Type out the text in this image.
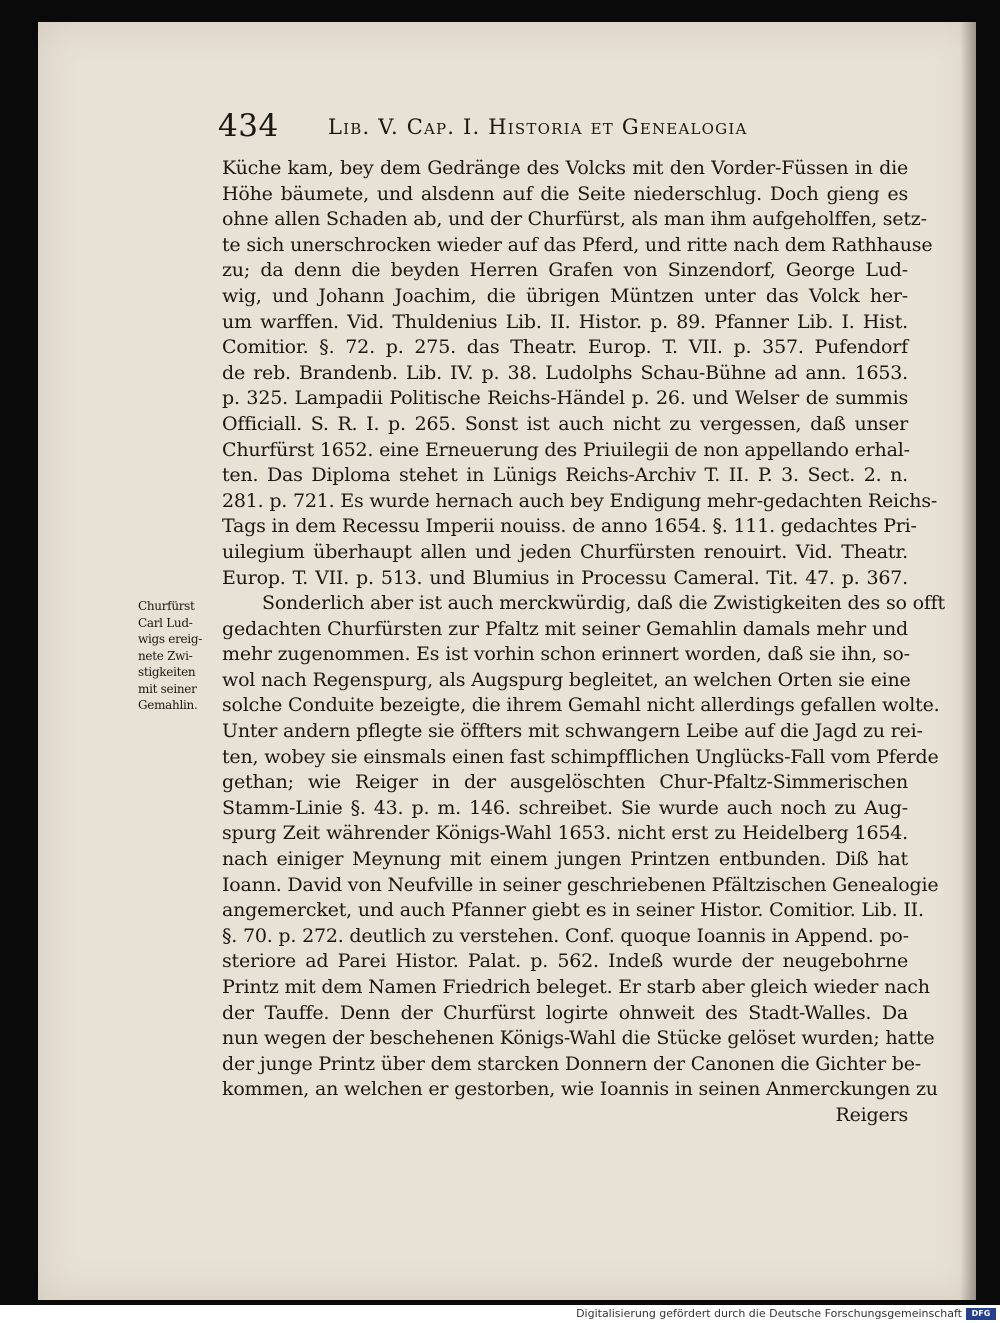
434 Lib. V. Cap. I. Historia et Genealogia
Churfürst
Carl Lud-
wigs ereig-
nete Zwi-
stigkeiten
mit seiner
Gemahlin.
Küche kam, bey dem Gedränge des Volcks mit den Vorder-Füssen in die
Höhe bäumete, und alsdenn auf die Seite niederschlug. Doch gieng es
ohne allen Schaden ab, und der Churfürst, als man ihm aufgeholffen, setz-
te sich unerschrocken wieder auf das Pferd, und ritte nach dem Rathhause
zu; da denn die beyden Herren Grafen von Sinzendorf, George Lud-
wig, und Johann Joachim, die übrigen Müntzen unter das Volck her-
um warffen. Vid. Thuldenius Lib. II. Histor. p. 89. Pfanner Lib. I. Hist.
Comitior. §. 72. p. 275. das Theatr. Europ. T. VII. p. 357. Pufendorf
de reb. Brandenb. Lib. IV. p. 38. Ludolphs Schau-Bühne ad ann. 1653.
p. 325. Lampadii Politische Reichs-Händel p. 26. und Welser de summis
Officiall. S. R. I. p. 265. Sonst ist auch nicht zu vergessen, daß unser
Churfürst 1652. eine Erneuerung des Priuilegii de non appellando erhal-
ten. Das Diploma stehet in Lünigs Reichs-Archiv T. II. P. 3. Sect. 2. n.
281. p. 721. Es wurde hernach auch bey Endigung mehr-gedachten Reichs-
Tags in dem Recessu Imperii nouiss. de anno 1654. §. 111. gedachtes Pri-
uilegium überhaupt allen und jeden Churfürsten renouirt. Vid. Theatr.
Europ. T. VII. p. 513. und Blumius in Processu Cameral. Tit. 47. p. 367.
Sonderlich aber ist auch merckwürdig, daß die Zwistigkeiten des so offt
gedachten Churfürsten zur Pfaltz mit seiner Gemahlin damals mehr und
mehr zugenommen. Es ist vorhin schon erinnert worden, daß sie ihn, so-
wol nach Regenspurg, als Augspurg begleitet, an welchen Orten sie eine
solche Conduite bezeigte, die ihrem Gemahl nicht allerdings gefallen wolte.
Unter andern pflegte sie öffters mit schwangern Leibe auf die Jagd zu rei-
ten, wobey sie einsmals einen fast schimpfflichen Unglücks-Fall vom Pferde
gethan; wie Reiger in der ausgelöschten Chur-Pfaltz-Simmerischen
Stamm-Linie §. 43. p. m. 146. schreibet. Sie wurde auch noch zu Aug-
spurg Zeit währender Königs-Wahl 1653. nicht erst zu Heidelberg 1654.
nach einiger Meynung mit einem jungen Printzen entbunden. Diß hat
Ioann. David von Neufville in seiner geschriebenen Pfältzischen Genealogie
angemercket, und auch Pfanner giebt es in seiner Histor. Comitior. Lib. II.
§. 70. p. 272. deutlich zu verstehen. Conf. quoque Ioannis in Append. po-
steriore ad Parei Histor. Palat. p. 562. Indeß wurde der neugebohrne
Printz mit dem Namen Friedrich beleget. Er starb aber gleich wieder nach
der Tauffe. Denn der Churfürst logirte ohnweit des Stadt-Walles. Da
nun wegen der beschehenen Königs-Wahl die Stücke gelöset wurden; hatte
der junge Printz über dem starcken Donnern der Canonen die Gichter be-
kommen, an welchen er gestorben, wie Ioannis in seinen Anmerckungen zu
Reigers
Digitalisierung gefördert durch die Deutsche Forschungsgemeinschaft	DFG
